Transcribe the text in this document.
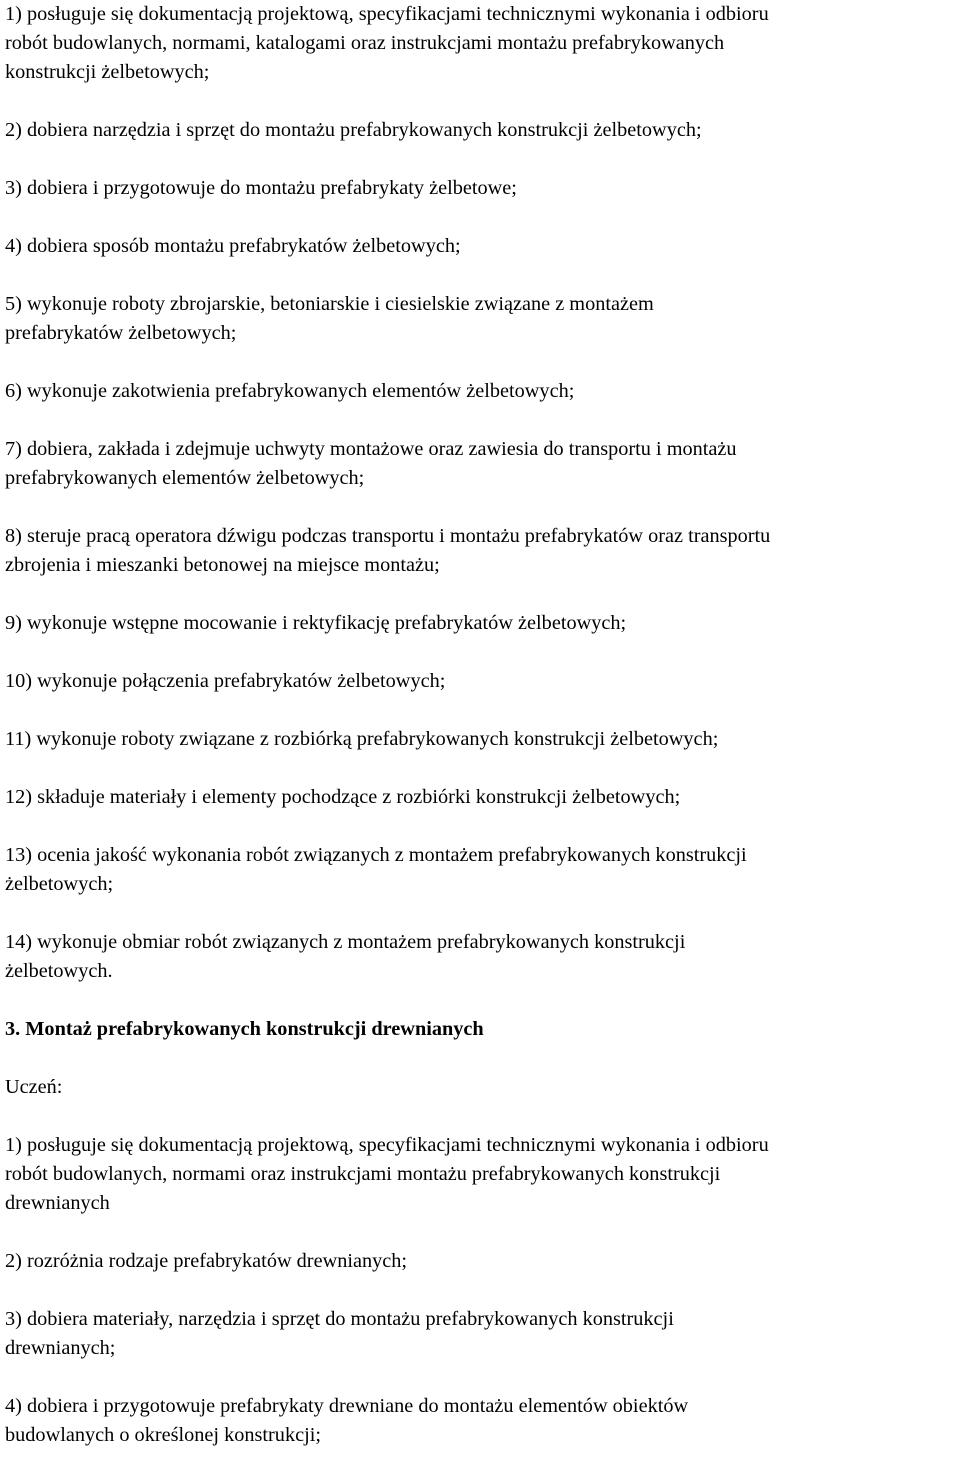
1) posługuje się dokumentacją projektową, specyfikacjami technicznymi wykonania i odbioru
robót budowlanych, normami, katalogami oraz instrukcjami montażu prefabrykowanych
konstrukcji żelbetowych;
2) dobiera narzędzia i sprzęt do montażu prefabrykowanych konstrukcji żelbetowych;
3) dobiera i przygotowuje do montażu prefabrykaty żelbetowe;
4) dobiera sposób montażu prefabrykatów żelbetowych;
5) wykonuje roboty zbrojarskie, betoniarskie i ciesielskie związane z montażem
prefabrykatów żelbetowych;
6) wykonuje zakotwienia prefabrykowanych elementów żelbetowych;
7) dobiera, zakłada i zdejmuje uchwyty montażowe oraz zawiesia do transportu i montażu
prefabrykowanych elementów żelbetowych;
8) steruje pracą operatora dźwigu podczas transportu i montażu prefabrykatów oraz transportu
zbrojenia i mieszanki betonowej na miejsce montażu;
9) wykonuje wstępne mocowanie i rektyfikację prefabrykatów żelbetowych;
10) wykonuje połączenia prefabrykatów żelbetowych;
11) wykonuje roboty związane z rozbiórką prefabrykowanych konstrukcji żelbetowych;
12) składuje materiały i elementy pochodzące z rozbiórki konstrukcji żelbetowych;
13) ocenia jakość wykonania robót związanych z montażem prefabrykowanych konstrukcji
żelbetowych;
14) wykonuje obmiar robót związanych z montażem prefabrykowanych konstrukcji
żelbetowych.
3. Montaż prefabrykowanych konstrukcji drewnianych
Uczeń:
1) posługuje się dokumentacją projektową, specyfikacjami technicznymi wykonania i odbioru
robót budowlanych, normami oraz instrukcjami montażu prefabrykowanych konstrukcji
drewnianych
2) rozróżnia rodzaje prefabrykatów drewnianych;
3) dobiera materiały, narzędzia i sprzęt do montażu prefabrykowanych konstrukcji
drewnianych;
4) dobiera i przygotowuje prefabrykaty drewniane do montażu elementów obiektów
budowlanych o określonej konstrukcji;
